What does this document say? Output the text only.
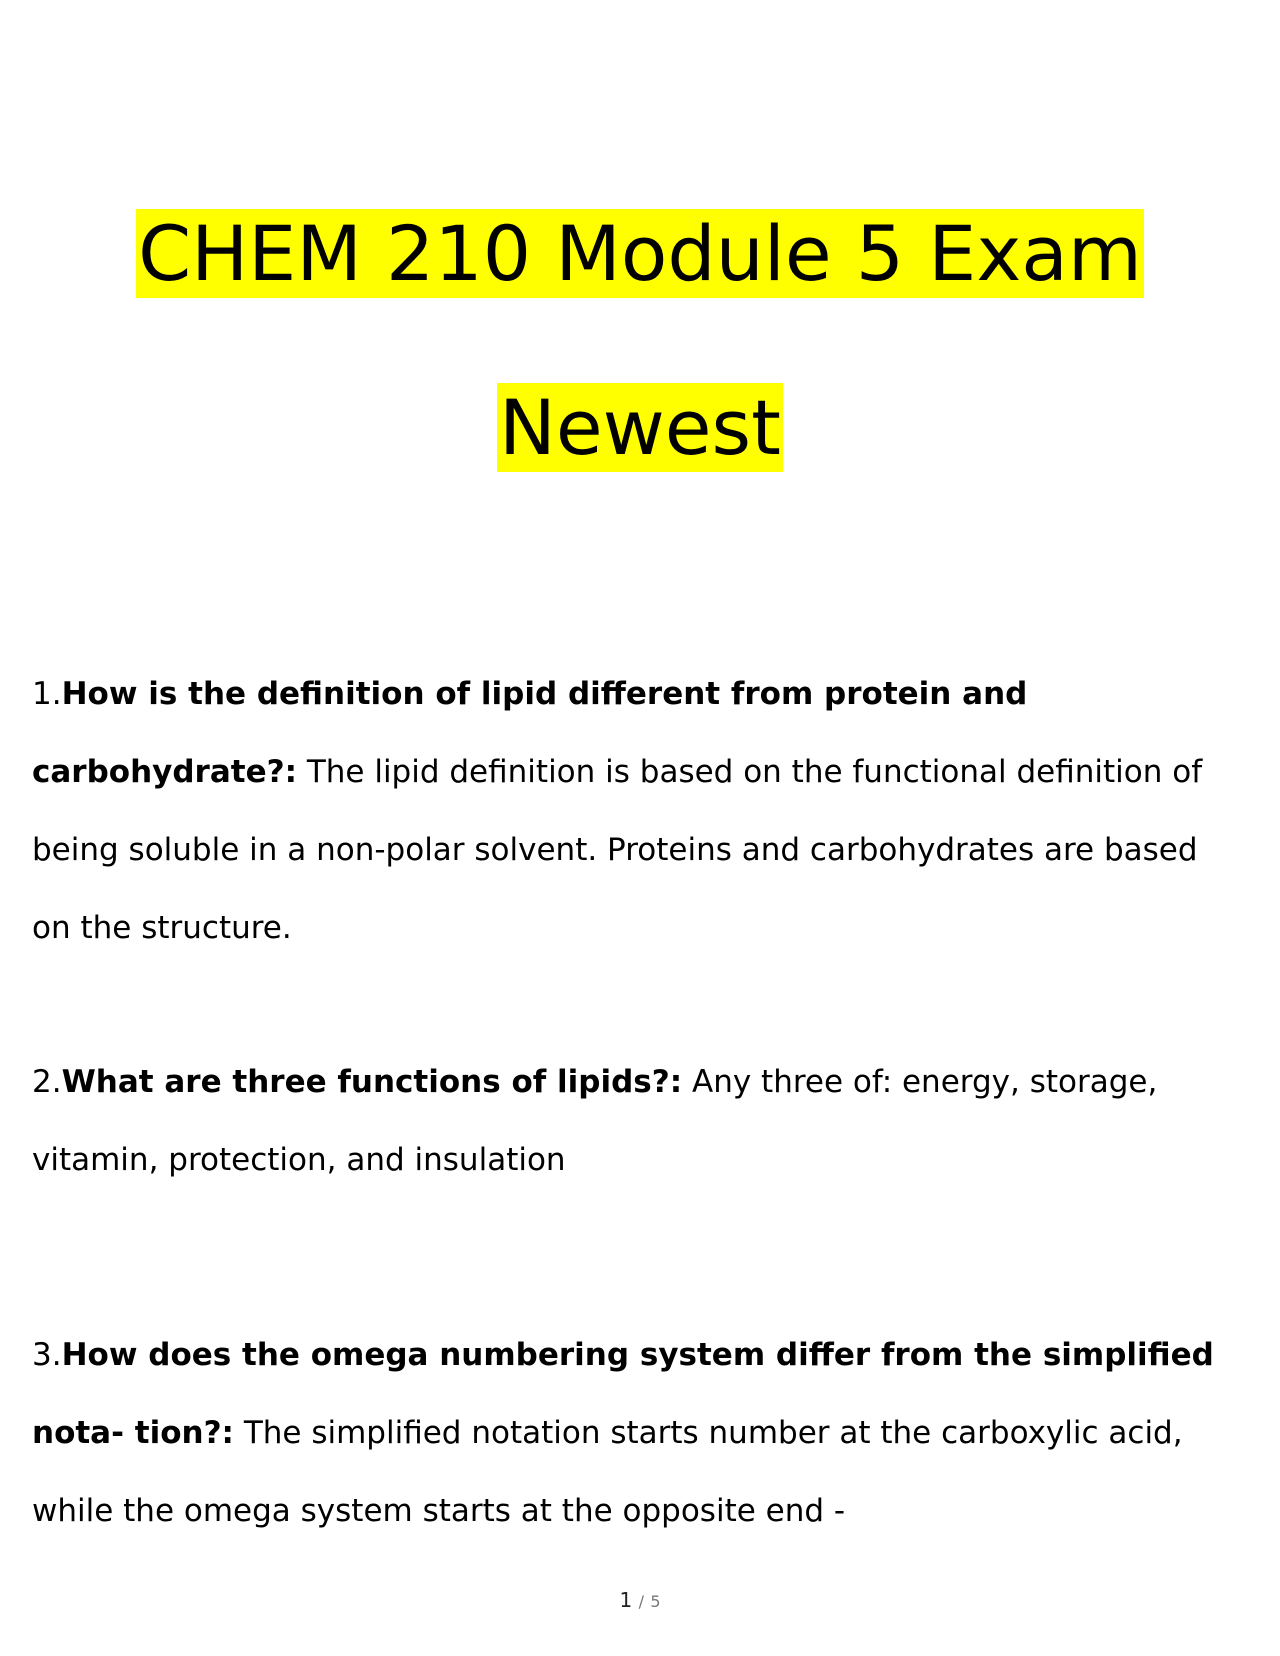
CHEM 210 Module 5 Exam
Newest

1.How is the definition of lipid different from protein and carbohydrate?: The lipid definition is based on the functional definition of being soluble in a non-polar solvent. Proteins and carbohydrates are based on the structure.

2.What are three functions of lipids?: Any three of: energy, storage, vitamin, protection, and insulation

3.How does the omega numbering system differ from the simplified nota- tion?: The simplified notation starts number at the carboxylic acid, while the omega system starts at the opposite end -

1 / 5
